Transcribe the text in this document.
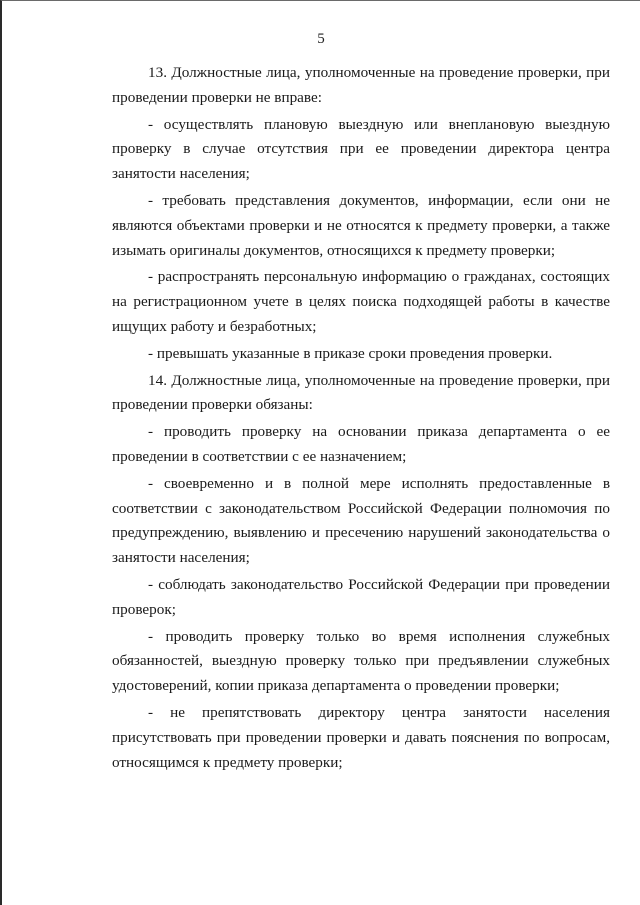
5

13. Должностные лица, уполномоченные на проведение проверки, при проведении проверки не вправе:

- осуществлять плановую выездную или внеплановую выездную проверку в случае отсутствия при ее проведении директора центра занятости населения;

- требовать представления документов, информации, если они не являются объектами проверки и не относятся к предмету проверки, а также изымать оригиналы документов, относящихся к предмету проверки;

- распространять персональную информацию о гражданах, состоящих на регистрационном учете в целях поиска подходящей работы в качестве ищущих работу и безработных;

- превышать указанные в приказе сроки проведения проверки.

14. Должностные лица, уполномоченные на проведение проверки, при проведении проверки обязаны:

- проводить проверку на основании приказа департамента о ее проведении в соответствии с ее назначением;

- своевременно и в полной мере исполнять предоставленные в соответствии с законодательством Российской Федерации полномочия по предупреждению, выявлению и пресечению нарушений законодательства о занятости населения;

- соблюдать законодательство Российской Федерации при проведении проверок;

- проводить проверку только во время исполнения служебных обязанностей, выездную проверку только при предъявлении служебных удостоверений, копии приказа департамента о проведении проверки;

- не препятствовать директору центра занятости населения присутствовать при проведении проверки и давать пояснения по вопросам, относящимся к предмету проверки;
